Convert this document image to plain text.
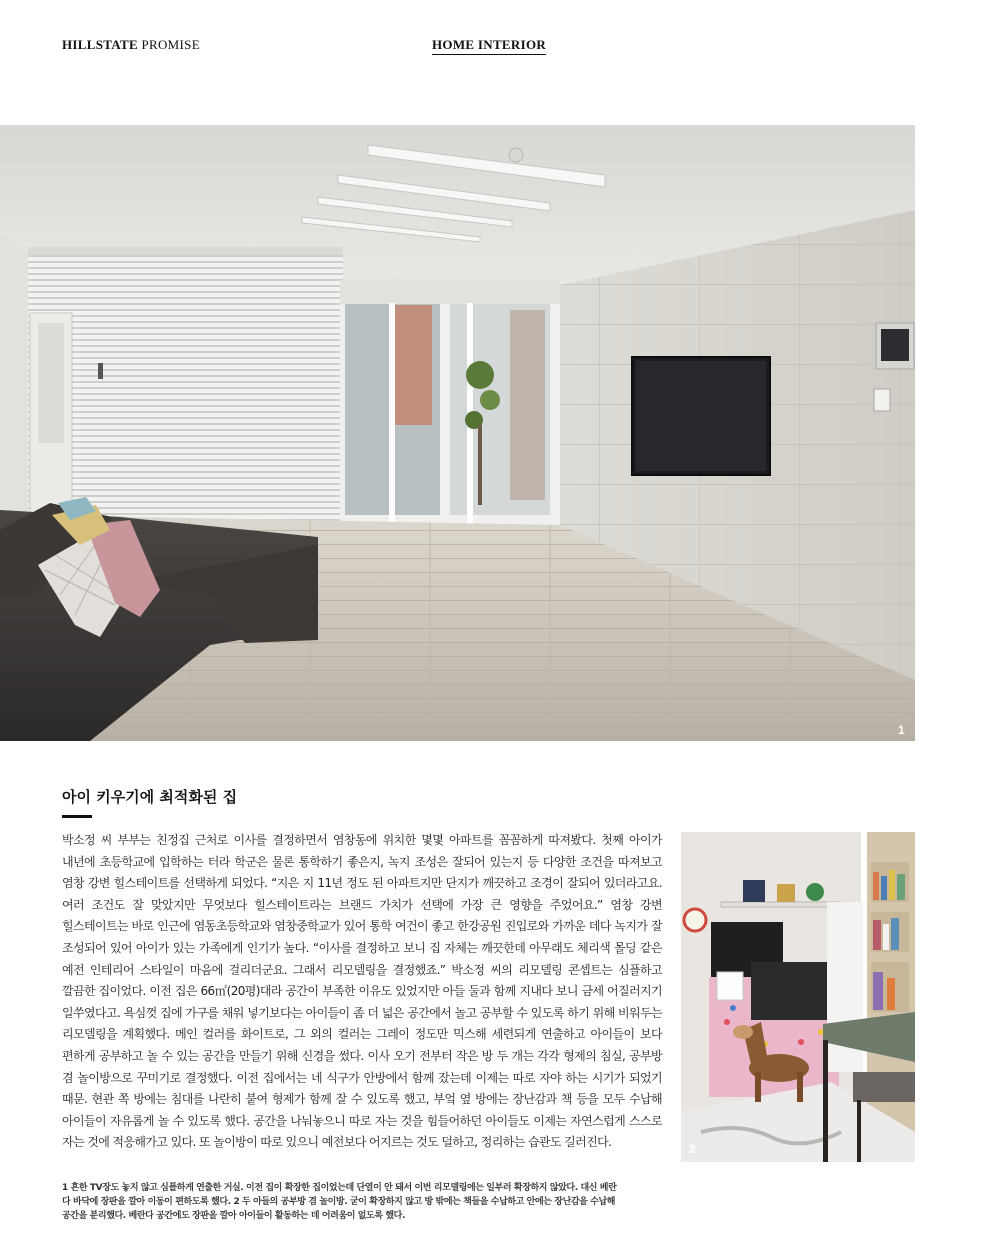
HILLSTATE PROMISE	HOME INTERIOR
1
아이 키우기에 최적화된 집

박소정 씨 부부는 친정집 근처로 이사를 결정하면서 염창동에 위치한 몇몇 아파트를 꼼꼼하게 따져봤다. 첫째 아이가 내년에 초등학교에 입학하는 터라 학군은 물론 통학하기 좋은지, 녹지 조성은 잘되어 있는지 등 다양한 조건을 따져보고 염창 강변 힐스테이트를 선택하게 되었다. “지은 지 11년 정도 된 아파트지만 단지가 깨끗하고 조경이 잘되어 있더라고요. 여러 조건도 잘 맞았지만 무엇보다 힐스테이트라는 브랜드 가치가 선택에 가장 큰 영향을 주었어요.” 염창 강변 힐스테이트는 바로 인근에 염동초등학교와 염창중학교가 있어 통학 여건이 좋고 한강공원 진입로와 가까운 데다 녹지가 잘 조성되어 있어 아이가 있는 가족에게 인기가 높다. “이사를 결정하고 보니 집 자체는 깨끗한데 아무래도 체리색 몰딩 같은 예전 인테리어 스타일이 마음에 걸리더군요. 그래서 리모델링을 결정했죠.” 박소정 씨의 리모델링 콘셉트는 심플하고 깔끔한 집이었다. 이전 집은 66㎡(20평)대라 공간이 부족한 이유도 있었지만 아들 둘과 함께 지내다 보니 금세 어질러지기 일쑤였다고. 욕심껏 집에 가구를 채워 넣기보다는 아이들이 좀 더 넓은 공간에서 놀고 공부할 수 있도록 하기 위해 비워두는 리모델링을 계획했다. 메인 컬러를 화이트로, 그 외의 컬러는 그레이 정도만 믹스해 세련되게 연출하고 아이들이 보다 편하게 공부하고 놀 수 있는 공간을 만들기 위해 신경을 썼다. 이사 오기 전부터 작은 방 두 개는 각각 형제의 침실, 공부방 겸 놀이방으로 꾸미기로 결정했다. 이전 집에서는 네 식구가 안방에서 함께 잤는데 이제는 따로 자야 하는 시기가 되었기 때문. 현관 쪽 방에는 침대를 나란히 붙여 형제가 함께 잘 수 있도록 했고, 부엌 옆 방에는 장난감과 책 등을 모두 수납해 아이들이 자유롭게 놀 수 있도록 했다. 공간을 나눠놓으니 따로 자는 것을 힘들어하던 아이들도 이제는 자연스럽게 스스로 자는 것에 적응해가고 있다. 또 놀이방이 따로 있으니 예전보다 어지르는 것도 덜하고, 정리하는 습관도 길러진다.	2

1 흔한 TV장도 놓지 않고 심플하게 연출한 거실. 이전 집이 확장한 집이었는데 단열이 안 돼서 이번 리모델링에는 일부러 확장하지 않았다. 대신 베란다 바닥에 장판을 깔아 이동이 편하도록 했다. 2 두 아들의 공부방 겸 놀이방. 굳이 확장하지 않고 방 밖에는 책들을 수납하고 안에는 장난감을 수납해 공간을 분리했다. 베란다 공간에도 장판을 깔아 아이들이 활동하는 데 어려움이 없도록 했다.
